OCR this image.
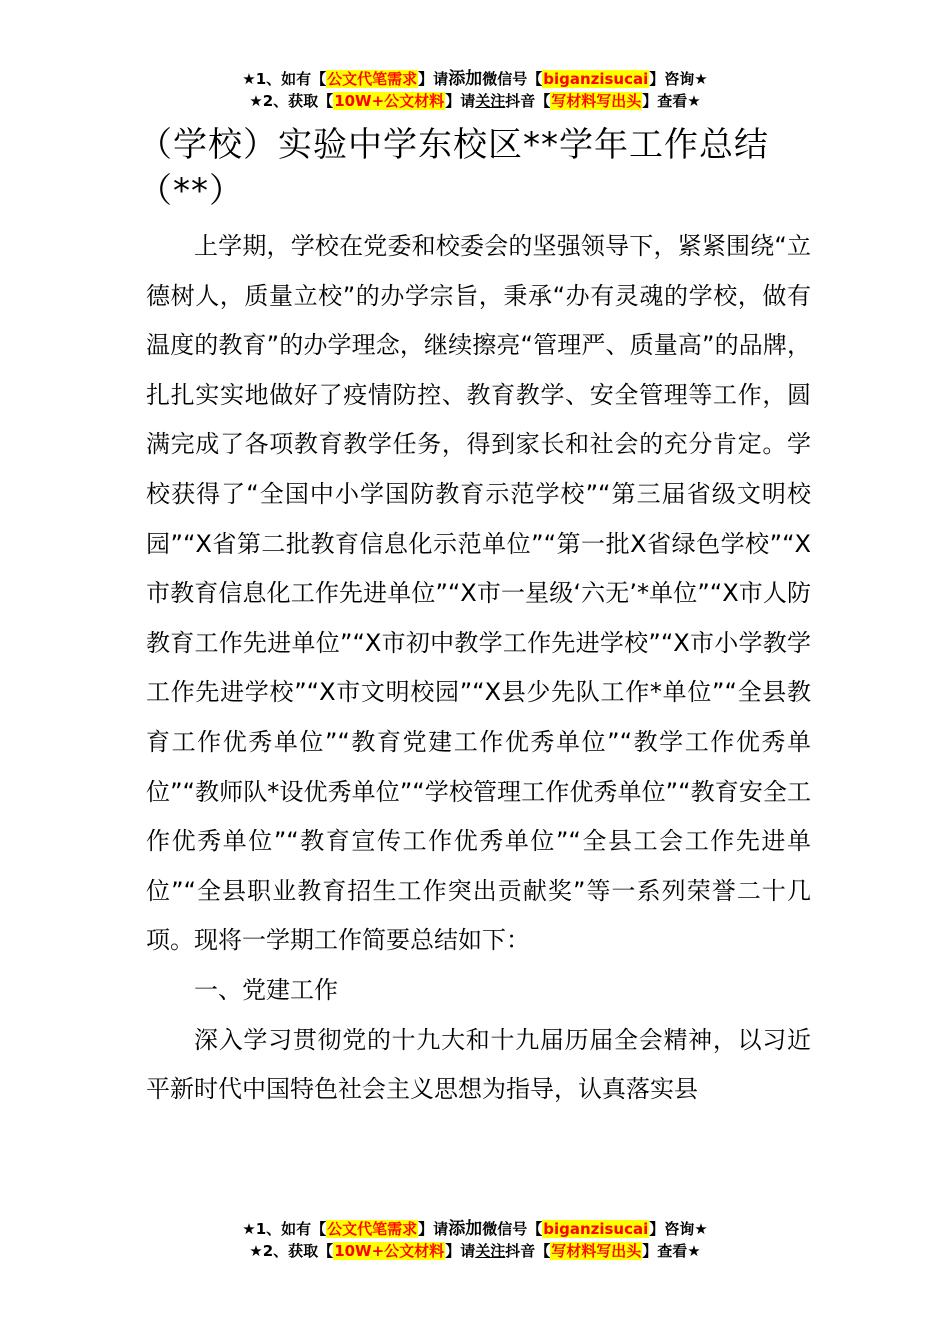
★1、如有【公文代笔需求】请添加微信号【biganzisucai】咨询★
★2、获取【10W+公文材料】请关注抖音【写材料写出头】查看★
（学校）实验中学东校区**学年工作总结（**）

上学期，学校在党委和校委会的坚强领导下，紧紧围绕“立德树人，质量立校”的办学宗旨，秉承“办有灵魂的学校，做有温度的教育”的办学理念，继续擦亮“管理严、质量高”的品牌，扎扎实实地做好了疫情防控、教育教学、安全管理等工作，圆满完成了各项教育教学任务，得到家长和社会的充分肯定。学校获得了“全国中小学国防教育示范学校”“第三届省级文明校园”“X省第二批教育信息化示范单位”“第一批X省绿色学校”“X市教育信息化工作先进单位”“X市一星级‘六无’*单位”“X市人防教育工作先进单位”“X市初中教学工作先进学校”“X市小学教学工作先进学校”“X市文明校园”“X县少先队工作*单位”“全县教育工作优秀单位”“教育党建工作优秀单位”“教学工作优秀单位”“教师队*设优秀单位”“学校管理工作优秀单位”“教育安全工作优秀单位”“教育宣传工作优秀单位”“全县工会工作先进单位”“全县职业教育招生工作突出贡献奖”等一系列荣誉二十几项。现将一学期工作简要总结如下：

一、党建工作

深入学习贯彻党的十九大和十九届历届全会精神，以习近平新时代中国特色社会主义思想为指导，认真落实县

★1、如有【公文代笔需求】请添加微信号【biganzisucai】咨询★
★2、获取【10W+公文材料】请关注抖音【写材料写出头】查看★
